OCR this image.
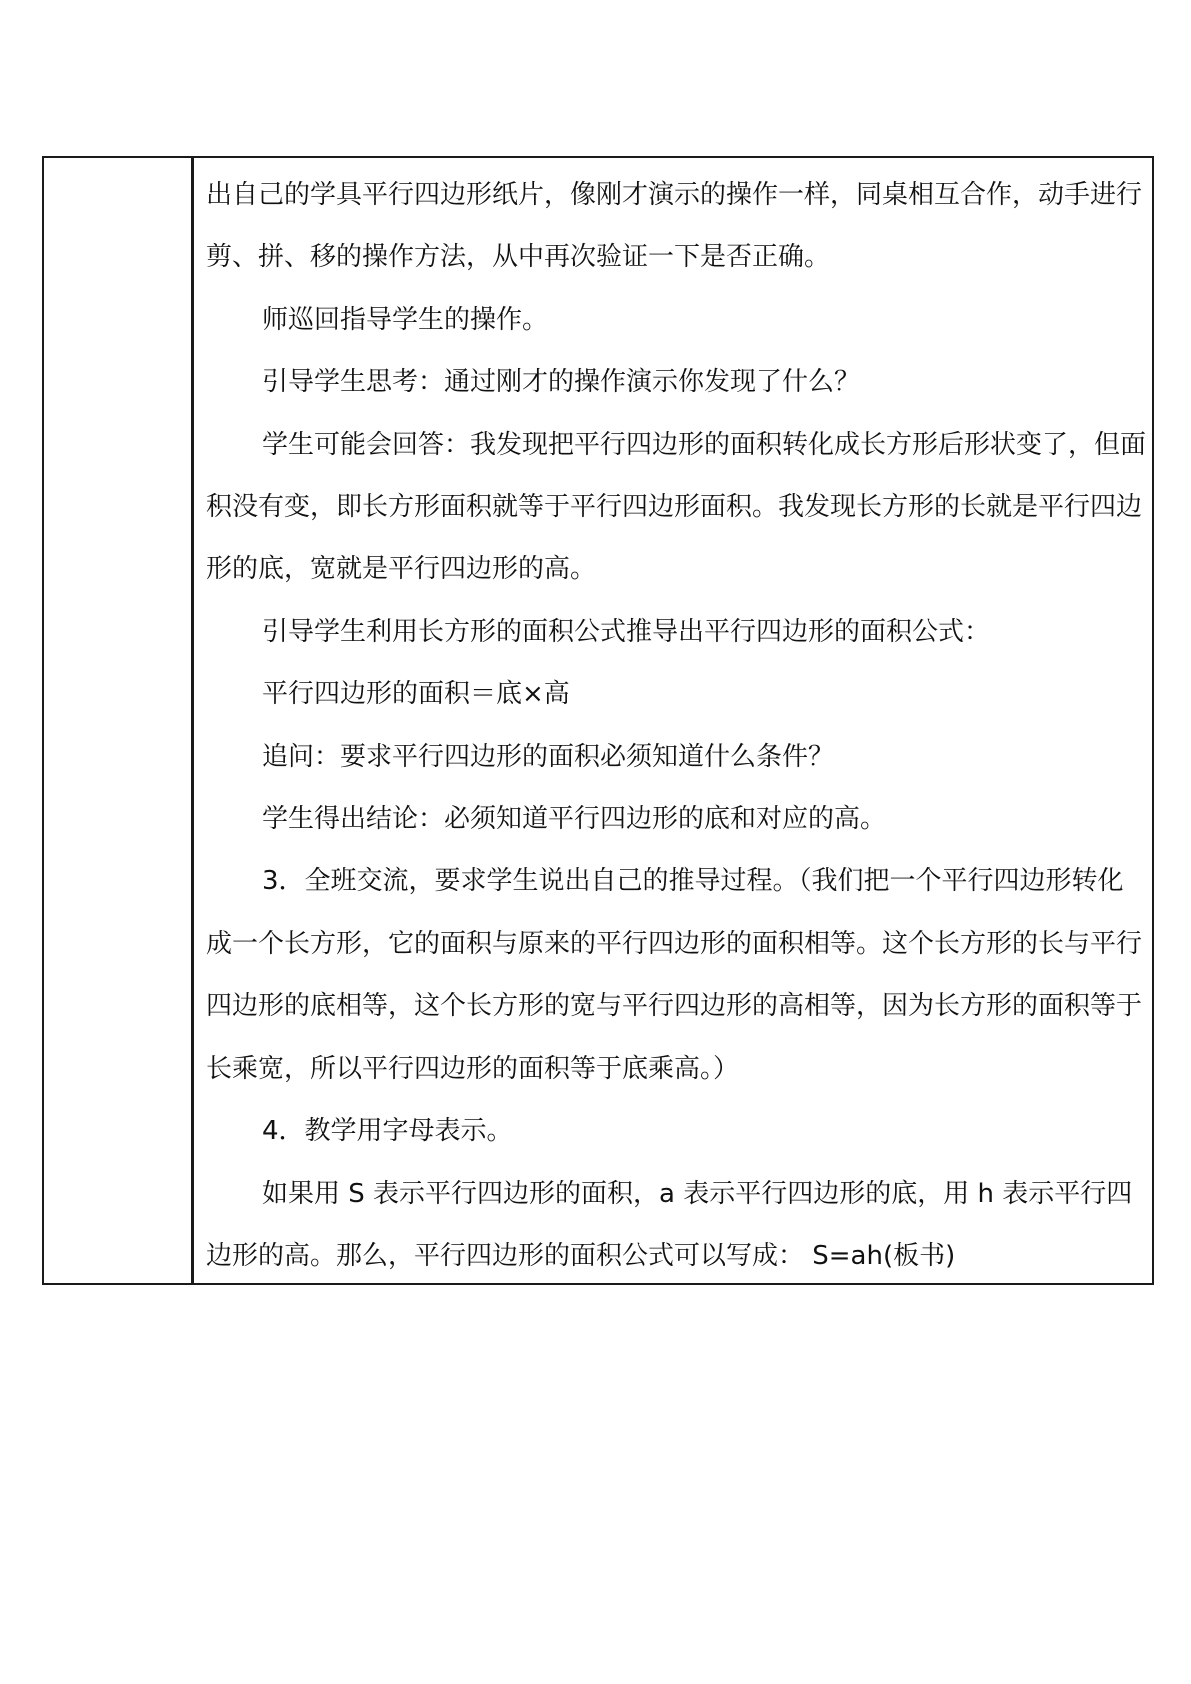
出自己的学具平行四边形纸片，像刚才演示的操作一样，同桌相互合作，动手进行剪、拼、移的操作方法，从中再次验证一下是否正确。

师巡回指导学生的操作。

引导学生思考：通过刚才的操作演示你发现了什么？

学生可能会回答：我发现把平行四边形的面积转化成长方形后形状变了，但面积没有变，即长方形面积就等于平行四边形面积。我发现长方形的长就是平行四边形的底，宽就是平行四边形的高。

引导学生利用长方形的面积公式推导出平行四边形的面积公式：

平行四边形的面积＝底×高

追问：要求平行四边形的面积必须知道什么条件？

学生得出结论：必须知道平行四边形的底和对应的高。

3．全班交流，要求学生说出自己的推导过程。（我们把一个平行四边形转化成一个长方形，它的面积与原来的平行四边形的面积相等。这个长方形的长与平行四边形的底相等，这个长方形的宽与平行四边形的高相等，因为长方形的面积等于长乘宽，所以平行四边形的面积等于底乘高。）

4．教学用字母表示。

如果用 S 表示平行四边形的面积，a 表示平行四边形的底，用 h 表示平行四边形的高。那么，平行四边形的面积公式可以写成： S=ah(板书)
